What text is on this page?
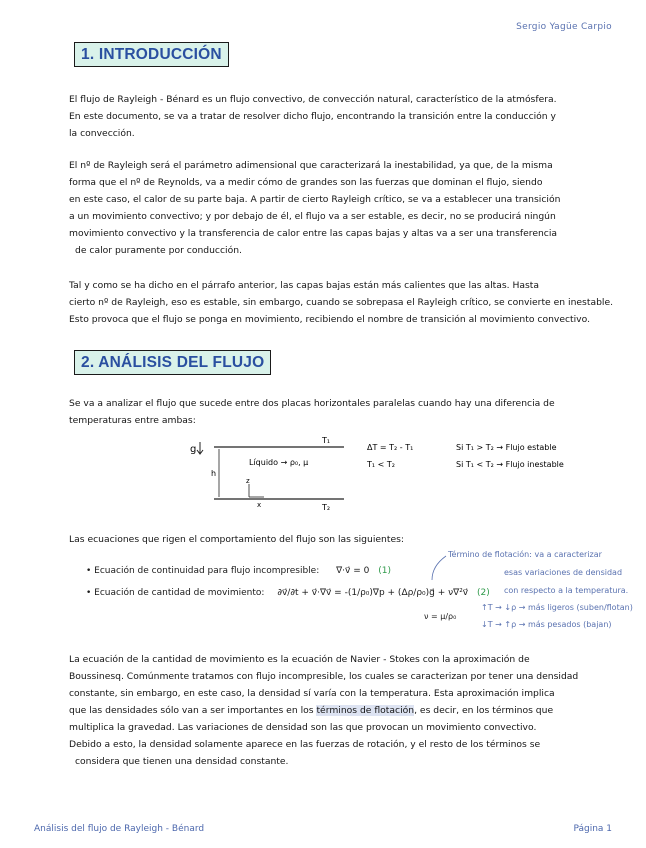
Sergio Yagüe Carpio
1. INTRODUCCIÓN
El flujo de Rayleigh - Bénard es un flujo convectivo, de convección natural, característico de la atmósfera.
En este documento, se va a tratar de resolver dicho flujo, encontrando la transición entre la conducción y
la convección.
El nº de Rayleigh será el parámetro adimensional que caracterizará la inestabilidad, ya que, de la misma
forma que el nº de Reynolds, va a medir cómo de grandes son las fuerzas que dominan el flujo, siendo
en este caso, el calor de su parte baja. A partir de cierto Rayleigh crítico, se va a establecer una transición
a un movimiento convectivo; y por debajo de él, el flujo va a ser estable, es decir, no se producirá ningún
movimiento convectivo y la transferencia de calor entre las capas bajas y altas va a ser una transferencia
de calor puramente por conducción.
Tal y como se ha dicho en el párrafo anterior, las capas bajas están más calientes que las altas. Hasta
cierto nº de Rayleigh, eso es estable, sin embargo, cuando se sobrepasa el Rayleigh crítico, se convierte en inestable.
Esto provoca que el flujo se ponga en movimiento, recibiendo el nombre de transición al movimiento convectivo.
2. ANÁLISIS DEL FLUJO
Se va a analizar el flujo que sucede entre dos placas horizontales paralelas cuando hay una diferencia de
temperaturas entre ambas:
g
T₁
T₂
h
z
x
Líquido → ρ₀, μ
ΔT = T₂ - T₁
T₁ < T₂
Si T₁ > T₂ → Flujo estable
Si T₁ < T₂ → Flujo inestable
Las ecuaciones que rigen el comportamiento del flujo son las siguientes:
• Ecuación de continuidad para flujo incompresible: ∇·v⃗ = 0 (1)
• Ecuación de cantidad de movimiento: ∂v⃗/∂t + v⃗·∇v⃗ = -(1/ρ₀)∇p + (Δρ/ρ₀)g⃗ + ν∇²v⃗ (2)
ν = μ/ρ₀
Término de flotación: va a caracterizar
esas variaciones de densidad
con respecto a la temperatura.
↑T → ↓ρ → más ligeros (suben/flotan)
↓T → ↑ρ → más pesados (bajan)
La ecuación de la cantidad de movimiento es la ecuación de Navier - Stokes con la aproximación de
Boussinesq. Comúnmente tratamos con flujo incompresible, los cuales se caracterizan por tener una densidad
constante, sin embargo, en este caso, la densidad sí varía con la temperatura. Esta aproximación implica
que las densidades sólo van a ser importantes en los términos de flotación, es decir, en los términos que
multiplica la gravedad. Las variaciones de densidad son las que provocan un movimiento convectivo.
Debido a esto, la densidad solamente aparece en las fuerzas de rotación, y el resto de los términos se
considera que tienen una densidad constante.
Análisis del flujo de Rayleigh - Bénard	Página 1
